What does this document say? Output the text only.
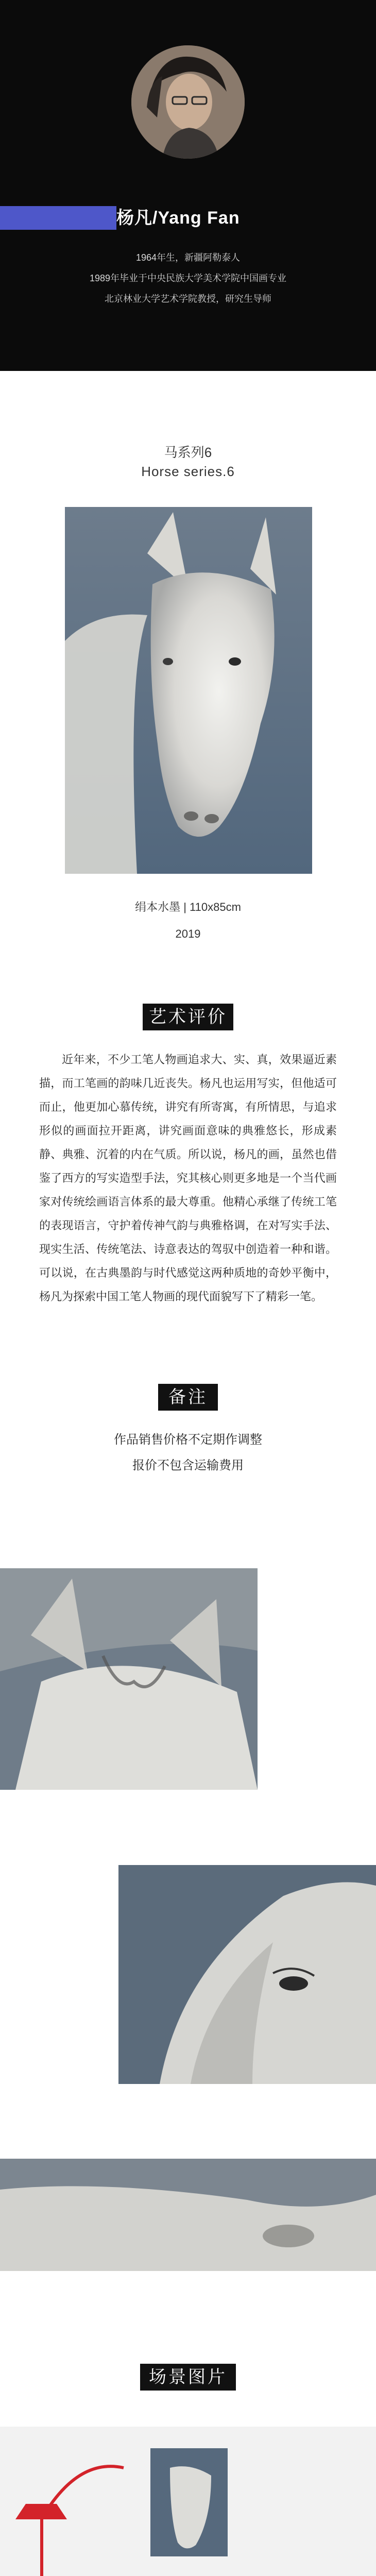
杨凡/Yang Fan
1964年生，新疆阿勒泰人
1989年毕业于中央民族大学美术学院中国画专业
北京林业大学艺术学院教授，研究生导师
马系列6
Horse series.6
绢本水墨 | 110x85cm
2019
艺术评价
近年来，不少工笔人物画追求大、实、真，效果逼近素描，而工笔画的韵味几近丧失。杨凡也运用写实，但他适可而止，他更加心慕传统，讲究有所寄寓，有所情思，与追求形似的画面拉开距离，讲究画面意味的典雅悠长，形成素静、典雅、沉着的内在气质。所以说，杨凡的画，虽然也借鉴了西方的写实造型手法，究其核心则更多地是一个当代画家对传统绘画语言体系的最大尊重。他精心承继了传统工笔的表现语言，守护着传神气韵与典雅格调，在对写实手法、现实生活、传统笔法、诗意表达的驾驭中创造着一种和谐。可以说，在古典墨韵与时代感觉这两种质地的奇妙平衡中，杨凡为探索中国工笔人物画的现代面貌写下了精彩一笔。
备注
作品销售价格不定期作调整
报价不包含运输费用
场景图片
